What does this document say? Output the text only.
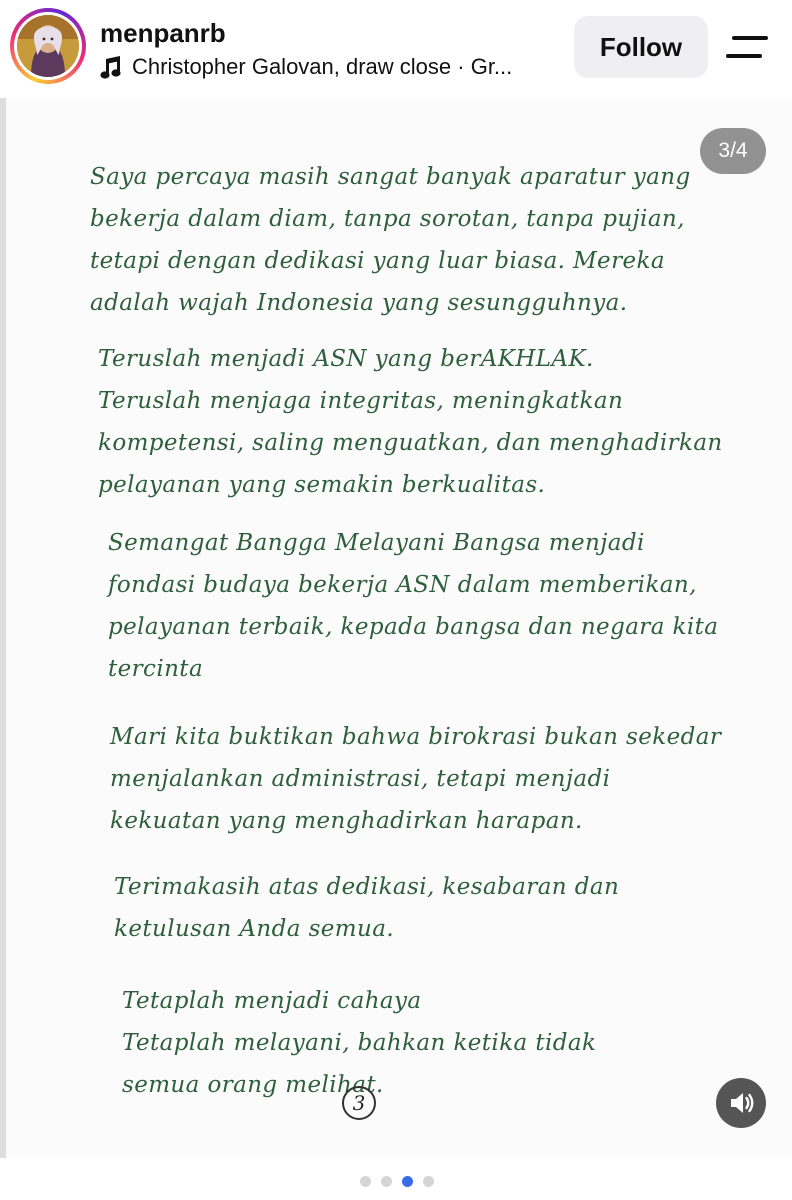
menpanrb
Christopher Galovan, draw close · Gr...
Follow
3/4
Saya percaya masih sangat banyak aparatur yang
bekerja dalam diam, tanpa sorotan, tanpa pujian,
tetapi dengan dedikasi yang luar biasa. Mereka
adalah wajah Indonesia yang sesungguhnya.
Teruslah menjadi ASN yang berAKHLAK.
Teruslah menjaga integritas, meningkatkan
kompetensi, saling menguatkan, dan menghadirkan
pelayanan yang semakin berkualitas.
Semangat Bangga Melayani Bangsa menjadi
fondasi budaya bekerja ASN dalam memberikan,
pelayanan terbaik, kepada bangsa dan negara kita
tercinta
Mari kita buktikan bahwa birokrasi bukan sekedar
menjalankan administrasi, tetapi menjadi
kekuatan yang menghadirkan harapan.
Terimakasih atas dedikasi, kesabaran dan
ketulusan Anda semua.
Tetaplah menjadi cahaya
Tetaplah melayani, bahkan ketika tidak
semua orang melihat.
3
